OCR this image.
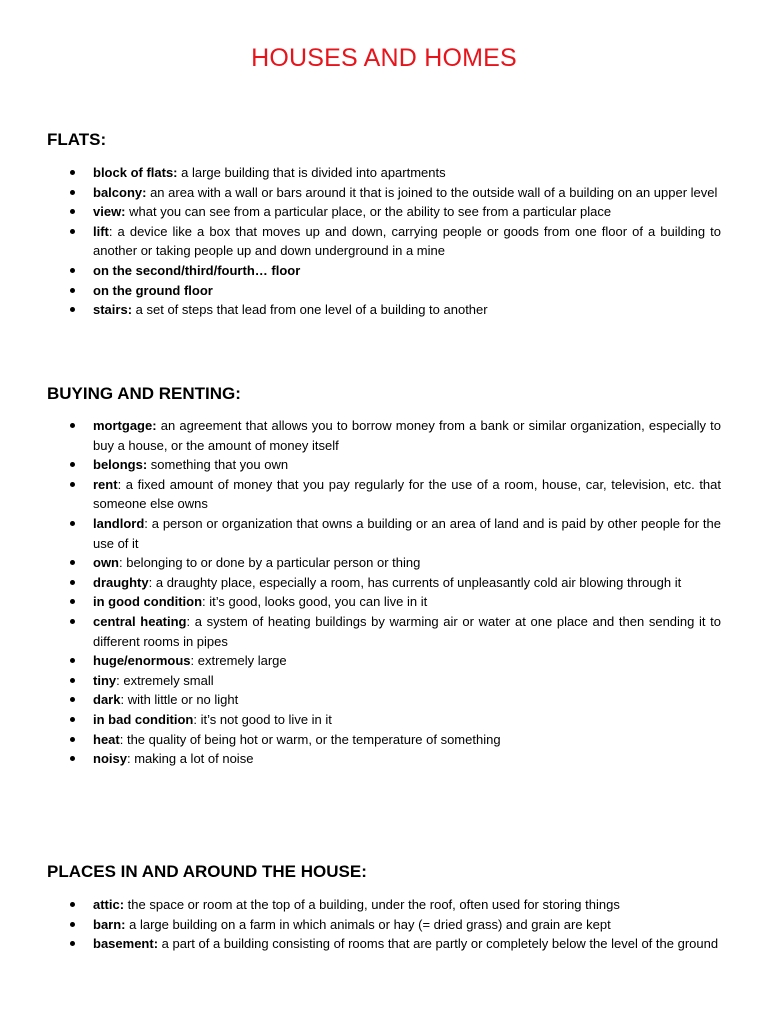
HOUSES AND HOMES
FLATS:
block of flats: a large building that is divided into apartments
balcony: an area with a wall or bars around it that is joined to the outside wall of a building on an upper level
view: what you can see from a particular place, or the ability to see from a particular place
lift: a device like a box that moves up and down, carrying people or goods from one floor of a building to another or taking people up and down underground in a mine
on the second/third/fourth… floor
on the ground floor
stairs: a set of steps that lead from one level of a building to another
BUYING AND RENTING:
mortgage: an agreement that allows you to borrow money from a bank or similar organization, especially to buy a house, or the amount of money itself
belongs: something that you own
rent: a fixed amount of money that you pay regularly for the use of a room, house, car, television, etc. that someone else owns
landlord: a person or organization that owns a building or an area of land and is paid by other people for the use of it
own: belonging to or done by a particular person or thing
draughty: a draughty place, especially a room, has currents of unpleasantly cold air blowing through it
in good condition: it’s good, looks good, you can live in it
central heating: a system of heating buildings by warming air or water at one place and then sending it to different rooms in pipes
huge/enormous: extremely large
tiny: extremely small
dark: with little or no light
in bad condition: it’s not good to live in it
heat: the quality of being hot or warm, or the temperature of something
noisy: making a lot of noise
PLACES IN AND AROUND THE HOUSE:
attic: the space or room at the top of a building, under the roof, often used for storing things
barn: a large building on a farm in which animals or hay (= dried grass) and grain are kept
basement: a part of a building consisting of rooms that are partly or completely below the level of the ground
